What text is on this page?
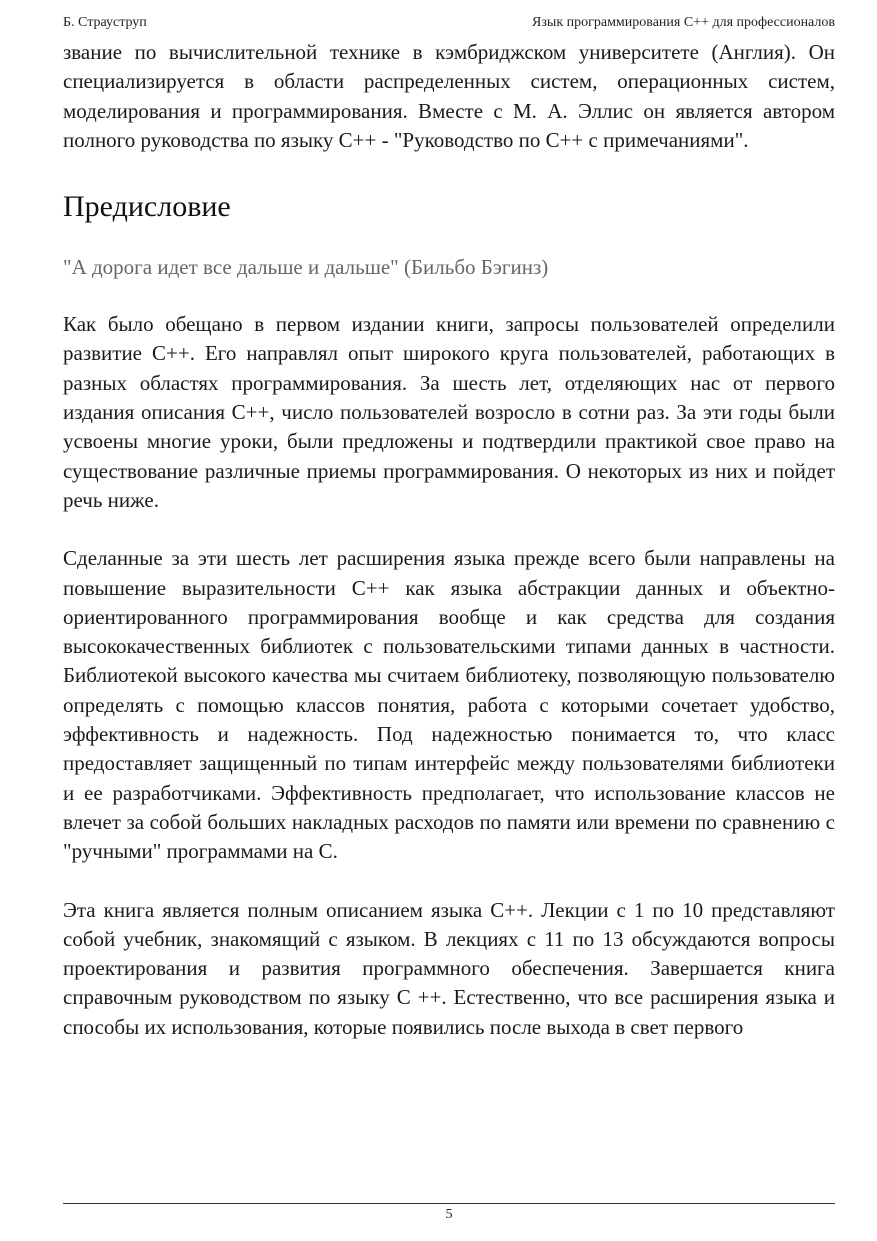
Б. Страуструп	Язык программирования С++ для профессионалов

звание по вычислительной технике в кэмбриджском университете (Англия). Он специализируется в области распределенных систем, операционных систем, моделирования и программирования. Вместе с М. А. Эллис он является автором полного руководства по языку С++ - "Руководство по С++ с примечаниями".

Предисловие

"А дорога идет все дальше и дальше" (Бильбо Бэгинз)

Как было обещано в первом издании книги, запросы пользователей определили развитие С++. Его направлял опыт широкого круга пользователей, работающих в разных областях программирования. За шесть лет, отделяющих нас от первого издания описания С++, число пользователей возросло в сотни раз. За эти годы были усвоены многие уроки, были предложены и подтвердили практикой свое право на существование различные приемы программирования. О некоторых из них и пойдет речь ниже.

Сделанные за эти шесть лет расширения языка прежде всего были направлены на повышение выразительности С++ как языка абстракции данных и объектно-ориентированного программирования вообще и как средства для создания высококачественных библиотек с пользовательскими типами данных в частности. Библиотекой высокого качества мы считаем библиотеку, позволяющую пользователю определять с помощью классов понятия, работа с которыми сочетает удобство, эффективность и надежность. Под надежностью понимается то, что класс предоставляет защищенный по типам интерфейс между пользователями библиотеки и ее разработчиками. Эффективность предполагает, что использование классов не влечет за собой больших накладных расходов по памяти или времени по сравнению с "ручными" программами на С.

Эта книга является полным описанием языка С++. Лекции с 1 по 10 представляют собой учебник, знакомящий с языком. В лекциях с 11 по 13 обсуждаются вопросы проектирования и развития программного обеспечения. Завершается книга справочным руководством по языку С ++. Естественно, что все расширения языка и способы их использования, которые появились после выхода в свет первого

5
